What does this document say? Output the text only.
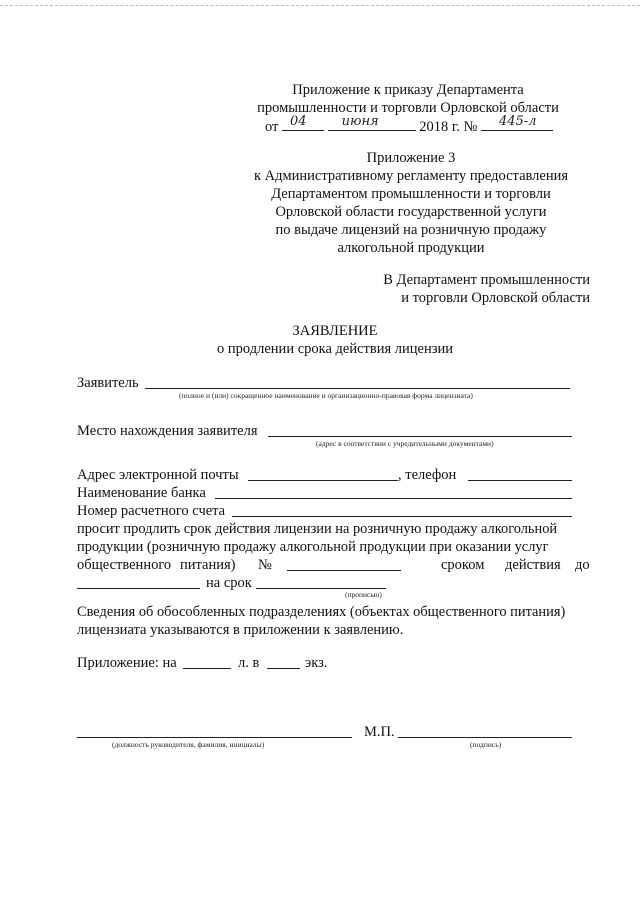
Приложение к приказу Департамента
промышленности и торговли Орловской области
от 04
	июня	2018 г. № 445-л
Приложение 3
к Административному регламенту предоставления
Департаментом промышленности и торговли
Орловской области государственной услуги
по выдаче лицензий на розничную продажу
алкогольной продукции
В Департамент промышленности
и торговли Орловской области
ЗАЯВЛЕНИЕ
о продлении срока действия лицензии
Заявитель
(полное и (или) сокращенное наименование и организационно-правовая форма лицензиата)
Место нахождения заявителя
(адрес в соответствии с учредительными документами)
Адрес электронной почты	, телефон
Наименование банка
Номер расчетного счета
просит продлить срок действия лицензии на розничную продажу алкогольной
продукции (розничную продажу алкогольной продукции при оказании услуг
общественного питания) №	сроком действия до
на срок
(прописью)
Сведения об обособленных подразделениях (объектах общественного питания)
лицензиата указываются в приложении к заявлению.
Приложение: на	л. в	экз.
М.П.
(должность руководителя, фамилия, инициалы)	(подпись)
